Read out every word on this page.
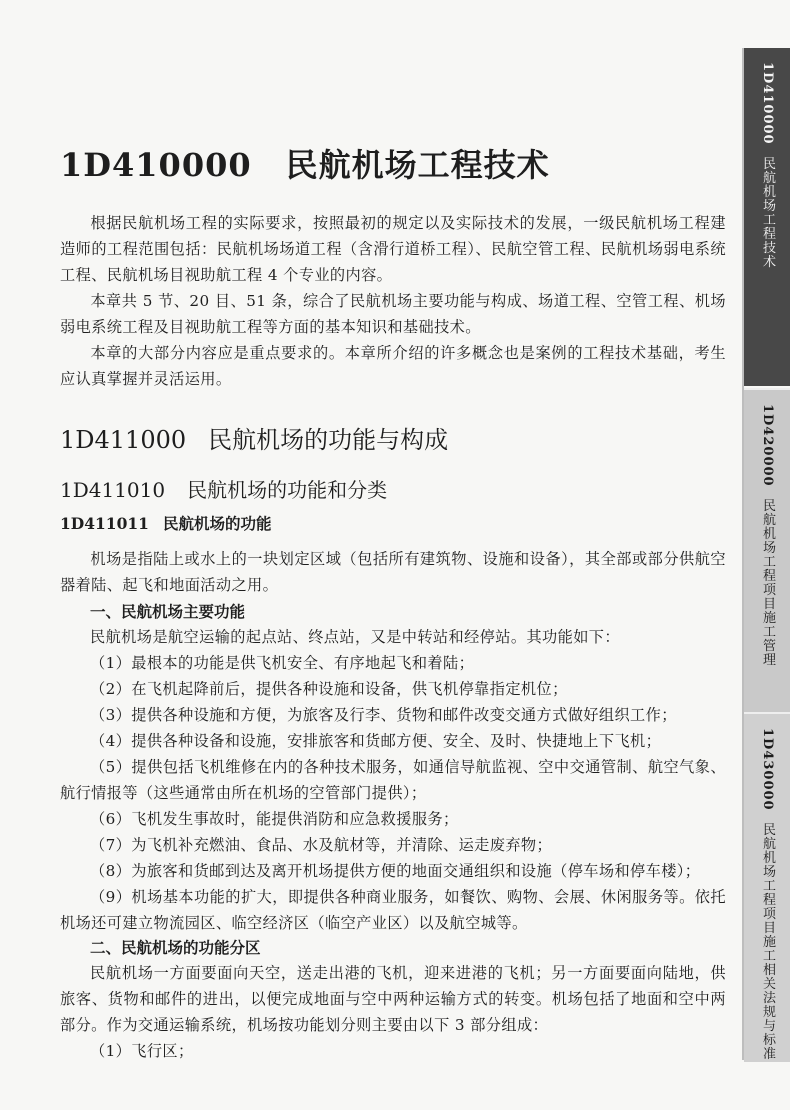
1D410000 民航机场工程技术
根据民航机场工程的实际要求，按照最初的规定以及实际技术的发展，一级民航机场工程建造师的工程范围包括：民航机场场道工程（含滑行道桥工程）、民航空管工程、民航机场弱电系统工程、民航机场目视助航工程 4 个专业的内容。
本章共 5 节、20 目、51 条，综合了民航机场主要功能与构成、场道工程、空管工程、机场弱电系统工程及目视助航工程等方面的基本知识和基础技术。
本章的大部分内容应是重点要求的。本章所介绍的许多概念也是案例的工程技术基础，考生应认真掌握并灵活运用。
1D411000 民航机场的功能与构成
1D411010 民航机场的功能和分类
1D411011 民航机场的功能
机场是指陆上或水上的一块划定区域（包括所有建筑物、设施和设备），其全部或部分供航空器着陆、起飞和地面活动之用。
一、民航机场主要功能
民航机场是航空运输的起点站、终点站，又是中转站和经停站。其功能如下：
（1）最根本的功能是供飞机安全、有序地起飞和着陆；
（2）在飞机起降前后，提供各种设施和设备，供飞机停靠指定机位；
（3）提供各种设施和方便，为旅客及行李、货物和邮件改变交通方式做好组织工作；
（4）提供各种设备和设施，安排旅客和货邮方便、安全、及时、快捷地上下飞机；
（5）提供包括飞机维修在内的各种技术服务，如通信导航监视、空中交通管制、航空气象、航行情报等（这些通常由所在机场的空管部门提供）；
（6）飞机发生事故时，能提供消防和应急救援服务；
（7）为飞机补充燃油、食品、水及航材等，并清除、运走废弃物；
（8）为旅客和货邮到达及离开机场提供方便的地面交通组织和设施（停车场和停车楼）；
（9）机场基本功能的扩大，即提供各种商业服务，如餐饮、购物、会展、休闲服务等。依托机场还可建立物流园区、临空经济区（临空产业区）以及航空城等。
二、民航机场的功能分区
民航机场一方面要面向天空，送走出港的飞机，迎来进港的飞机；另一方面要面向陆地，供旅客、货物和邮件的进出，以便完成地面与空中两种运输方式的转变。机场包括了地面和空中两部分。作为交通运输系统，机场按功能划分则主要由以下 3 部分组成：
（1）飞行区；
1D410000民航机场工程技术
1D420000民航机场工程项目施工管理
1D430000民航机场工程项目施工相关法规与标准
